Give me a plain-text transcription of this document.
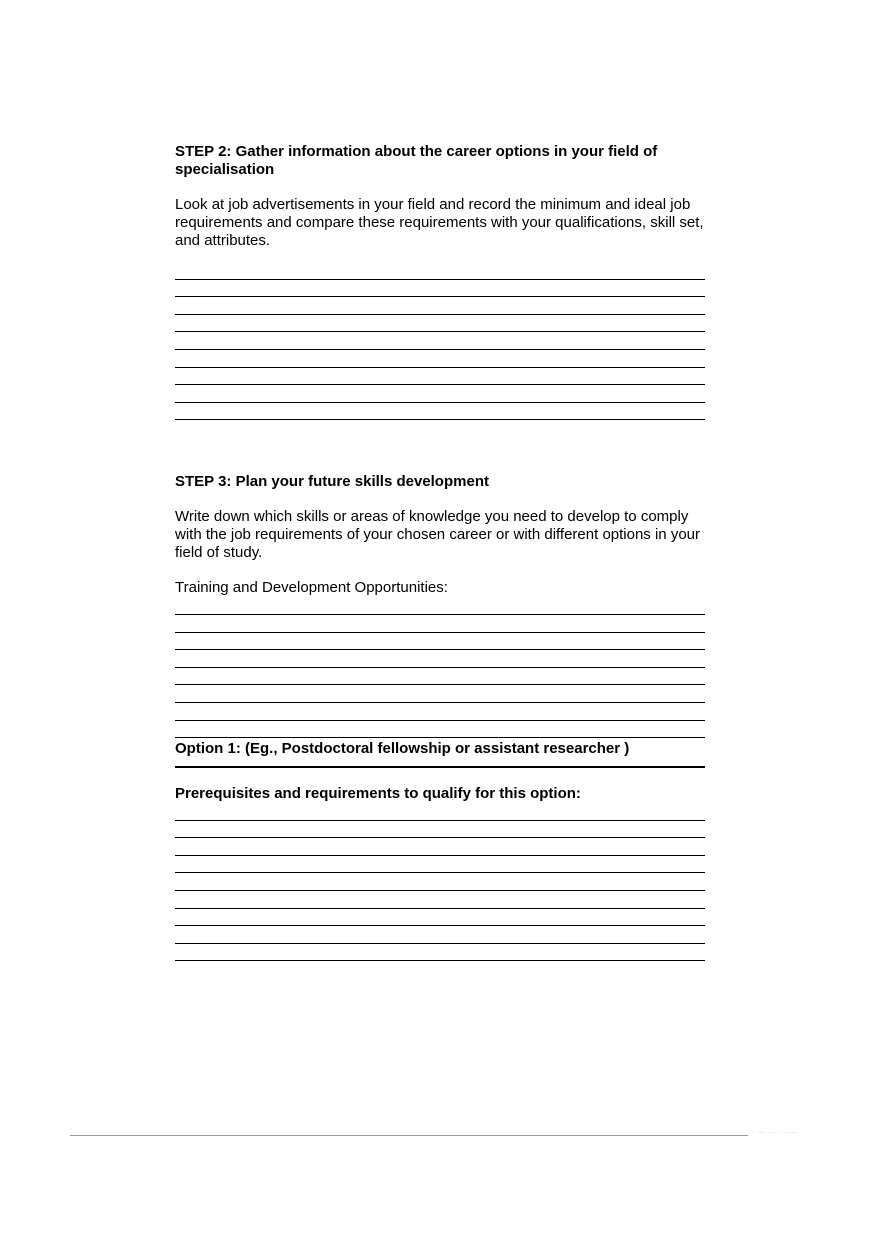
STEP 2: Gather information about the career options in your field of specialisation

Look at job advertisements in your field and record the minimum and ideal job requirements and compare these requirements with your qualifications, skill set, and attributes.

STEP 3: Plan your future skills development

Write down which skills or areas of knowledge you need to develop to comply with the job requirements of your chosen career or with different options in your field of study.

Training and Development Opportunities:

Option 1: (Eg., Postdoctoral fellowship or assistant researcher )

Prerequisites and requirements to qualify for this option:

· ·· ·· ·····
